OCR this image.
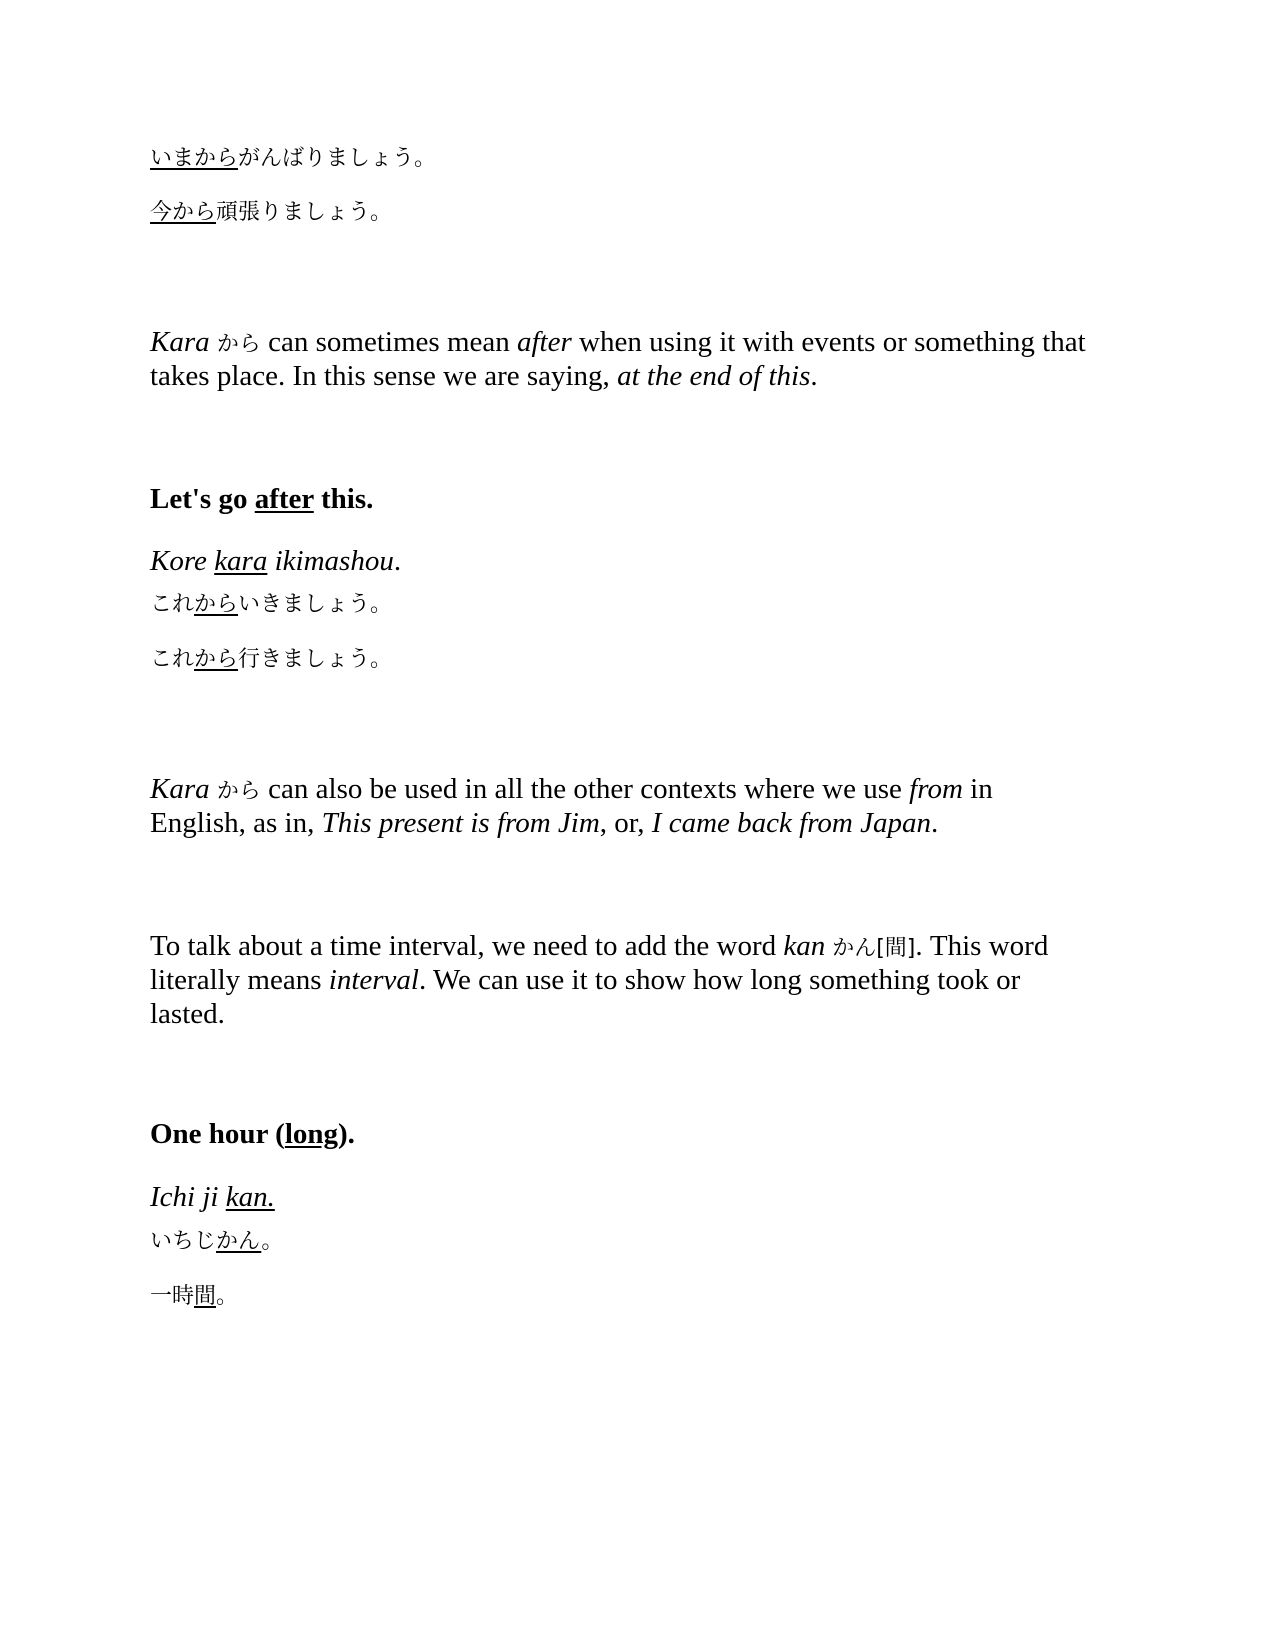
いまからがんばりましょう。
今から頑張りましょう。
Kara から can sometimes mean after when using it with events or something that
takes place. In this sense we are saying, at the end of this.
Let's go after this.
Kore kara ikimashou.
これからいきましょう。
これから行きましょう。
Kara から can also be used in all the other contexts where we use from in
English, as in, This present is from Jim, or, I came back from Japan.
To talk about a time interval, we need to add the word kan かん[間]. This word
literally means interval. We can use it to show how long something took or
lasted.
One hour (long).
Ichi ji kan.
いちじかん。
一時間。
